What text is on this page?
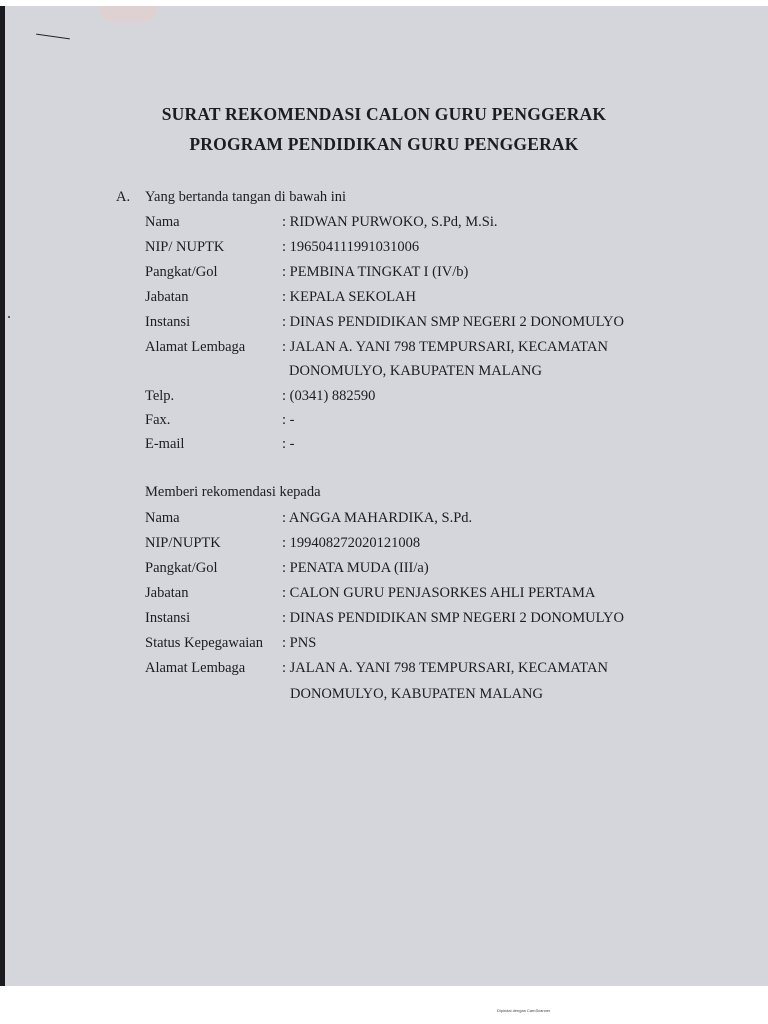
SURAT REKOMENDASI CALON GURU PENGGERAK
PROGRAM PENDIDIKAN GURU PENGGERAK
A. Yang bertanda tangan di bawah ini
Nama	: RIDWAN PURWOKO, S.Pd, M.Si.
NIP/ NUPTK	: 196504111991031006
Pangkat/Gol	: PEMBINA TINGKAT I (IV/b)
Jabatan	: KEPALA SEKOLAH
Instansi	: DINAS PENDIDIKAN SMP NEGERI 2 DONOMULYO
Alamat Lembaga	: JALAN A. YANI 798 TEMPURSARI, KECAMATAN
DONOMULYO, KABUPATEN MALANG
Telp.	: (0341) 882590
Fax.	: -
E-mail	: -
Memberi rekomendasi kepada
Nama	: ANGGA MAHARDIKA, S.Pd.
NIP/NUPTK	: 199408272020121008
Pangkat/Gol	: PENATA MUDA (III/a)
Jabatan	: CALON GURU PENJASORKES AHLI PERTAMA
Instansi	: DINAS PENDIDIKAN SMP NEGERI 2 DONOMULYO
Status Kepegawaian : PNS
Alamat Lembaga	: JALAN A. YANI 798 TEMPURSARI, KECAMATAN
DONOMULYO, KABUPATEN MALANG
Dipindai dengan CamScanner
